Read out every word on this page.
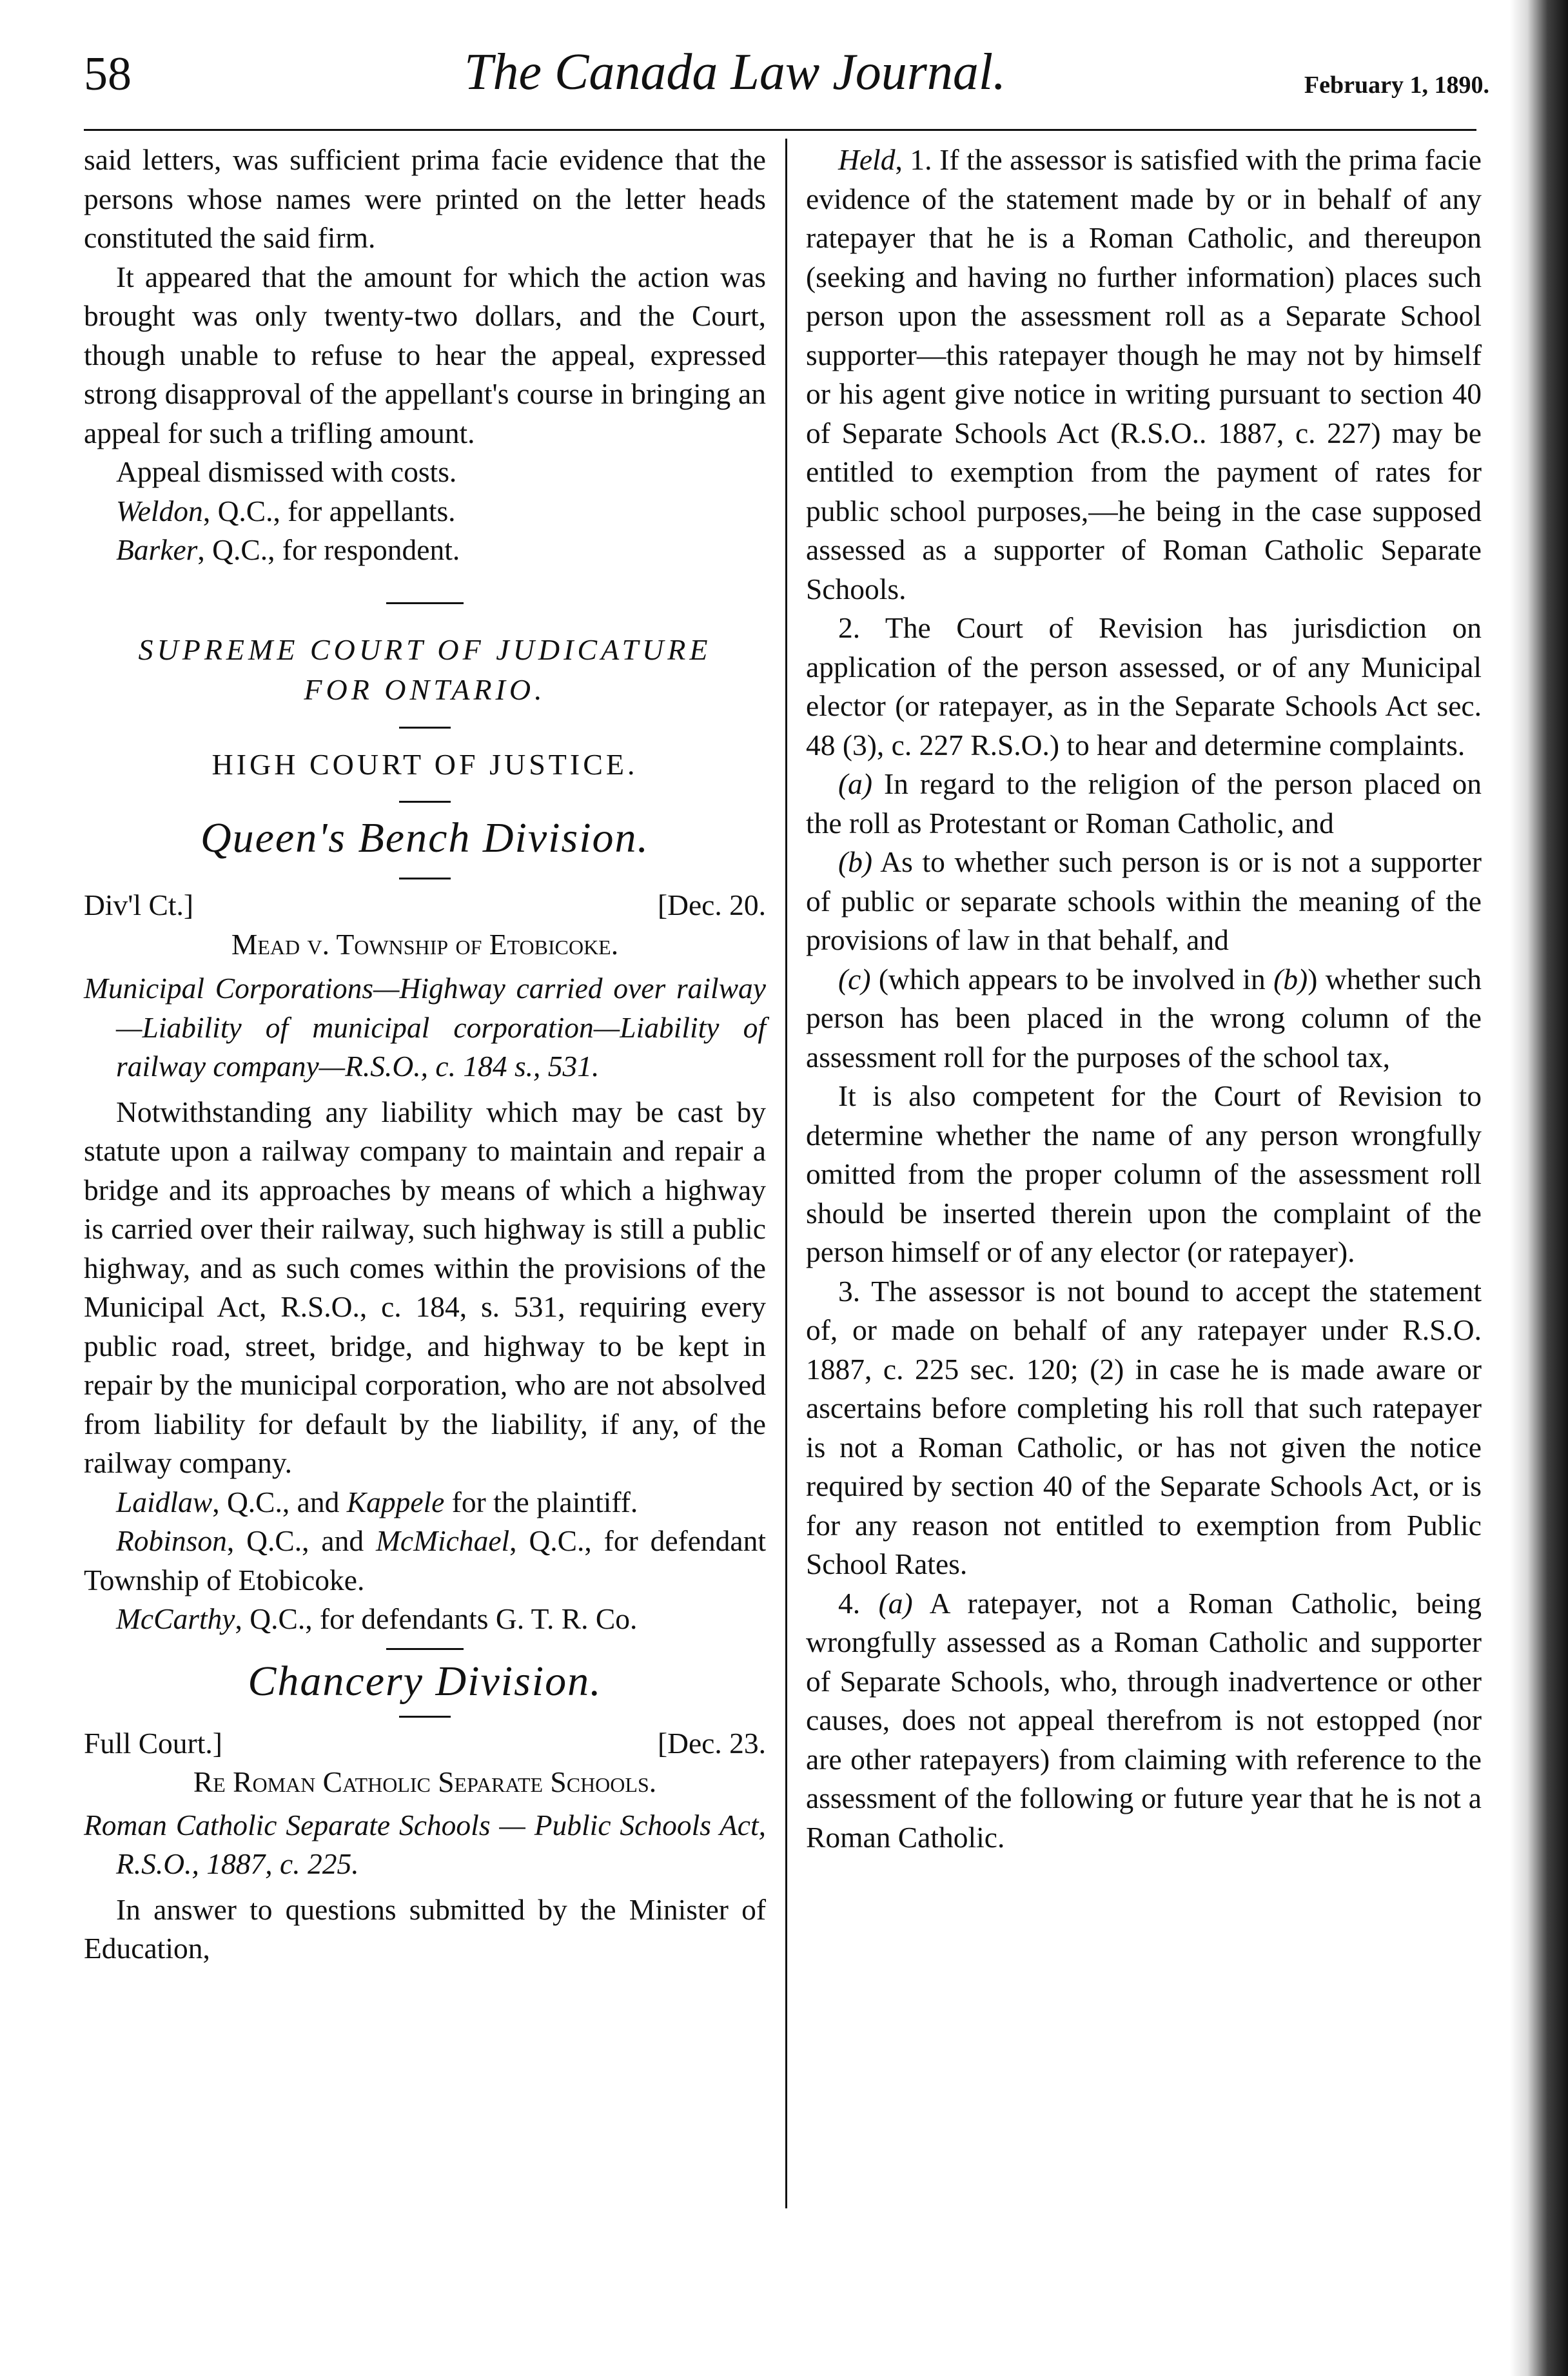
58	The Canada Law Journal.	February 1, 1890.

said letters, was sufficient prima facie evidence that the persons whose names were printed on the letter heads constituted the said firm.

It appeared that the amount for which the action was brought was only twenty-two dollars, and the Court, though unable to refuse to hear the appeal, expressed strong disapproval of the appellant's course in bringing an appeal for such a trifling amount.

Appeal dismissed with costs.

Weldon, Q.C., for appellants.

Barker, Q.C., for respondent.

SUPREME COURT OF JUDICATURE
FOR ONTARIO.
HIGH COURT OF JUSTICE.
Queen's Bench Division.
Div'l Ct.]	[Dec. 20.

Mead v. Township of Etobicoke.

Municipal Corporations—Highway carried over railway—Liability of municipal corporation—Liability of railway company—R.S.O., c. 184 s., 531.

Notwithstanding any liability which may be cast by statute upon a railway company to maintain and repair a bridge and its approaches by means of which a highway is carried over their railway, such highway is still a public highway, and as such comes within the provisions of the Municipal Act, R.S.O., c. 184, s. 531, requiring every public road, street, bridge, and highway to be kept in repair by the municipal corporation, who are not absolved from liability for default by the liability, if any, of the railway company.

Laidlaw, Q.C., and Kappele for the plaintiff.

Robinson, Q.C., and McMichael, Q.C., for defendant Township of Etobicoke.

McCarthy, Q.C., for defendants G. T. R. Co.

Chancery Division.
Full Court.]	[Dec. 23.

Re Roman Catholic Separate Schools.

Roman Catholic Separate Schools — Public Schools Act, R.S.O., 1887, c. 225.

In answer to questions submitted by the Minister of Education,

Held, 1. If the assessor is satisfied with the prima facie evidence of the statement made by or in behalf of any ratepayer that he is a Roman Catholic, and thereupon (seeking and having no further information) places such person upon the assessment roll as a Separate School supporter—this ratepayer though he may not by himself or his agent give notice in writing pursuant to section 40 of Separate Schools Act (R.S.O.. 1887, c. 227) may be entitled to exemption from the payment of rates for public school purposes,—he being in the case supposed assessed as a supporter of Roman Catholic Separate Schools.

2. The Court of Revision has jurisdiction on application of the person assessed, or of any Municipal elector (or ratepayer, as in the Separate Schools Act sec. 48 (3), c. 227 R.S.O.) to hear and determine complaints.

(a) In regard to the religion of the person placed on the roll as Protestant or Roman Catholic, and

(b) As to whether such person is or is not a supporter of public or separate schools within the meaning of the provisions of law in that behalf, and

(c) (which appears to be involved in (b)) whether such person has been placed in the wrong column of the assessment roll for the purposes of the school tax,

It is also competent for the Court of Revision to determine whether the name of any person wrongfully omitted from the proper column of the assessment roll should be inserted therein upon the complaint of the person himself or of any elector (or ratepayer).

3. The assessor is not bound to accept the statement of, or made on behalf of any ratepayer under R.S.O. 1887, c. 225 sec. 120; (2) in case he is made aware or ascertains before completing his roll that such ratepayer is not a Roman Catholic, or has not given the notice required by section 40 of the Separate Schools Act, or is for any reason not entitled to exemption from Public School Rates.

4. (a) A ratepayer, not a Roman Catholic, being wrongfully assessed as a Roman Catholic and supporter of Separate Schools, who, through inadvertence or other causes, does not appeal therefrom is not estopped (nor are other ratepayers) from claiming with reference to the assessment of the following or future year that he is not a Roman Catholic.
